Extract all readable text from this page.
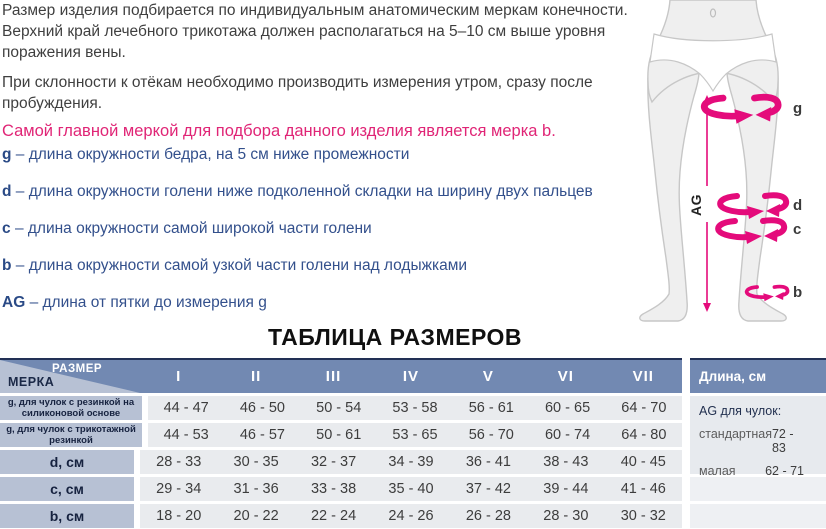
Размер изделия подбирается по индивидуальным анатомическим меркам конечности. Верхний край лечебного трикотажа должен располагаться на 5–10 см выше уровня поражения вены.

При склонности к отёкам необходимо производить измерения утром, сразу после пробуждения.

Самой главной меркой для подбора данного изделия является мерка b.

g – длина окружности бедра, на 5 см ниже промежности
d – длина окружности голени ниже подколенной складки на ширину двух пальцев
c – длина окружности самой широкой части голени
b – длина окружности самой узкой части голени над лодыжками
AG – длина от пятки до измерения g
g
d
c
b
AG
ТАБЛИЦА РАЗМЕРОВ
РАЗМЕР
МЕРКА	I	II	III	IV	V	VI	VII
g, для чулок с резинкой на силиконовой основе	44 - 47	46 - 50	50 - 54	53 - 58	56 - 61	60 - 65	64 - 70
g, для чулок с трикотажной резинкой	44 - 53	46 - 57	50 - 61	53 - 65	56 - 70	60 - 74	64 - 80
d, см	28 - 33	30 - 35	32 - 37	34 - 39	36 - 41	38 - 43	40 - 45
c, см	29 - 34	31 - 36	33 - 38	35 - 40	37 - 42	39 - 44	41 - 46
b, см	18 - 20	20 - 22	22 - 24	24 - 26	26 - 28	28 - 30	30 - 32
Длина, см
AG для чулок:
стандартная 72 - 83
малая 62 - 71
